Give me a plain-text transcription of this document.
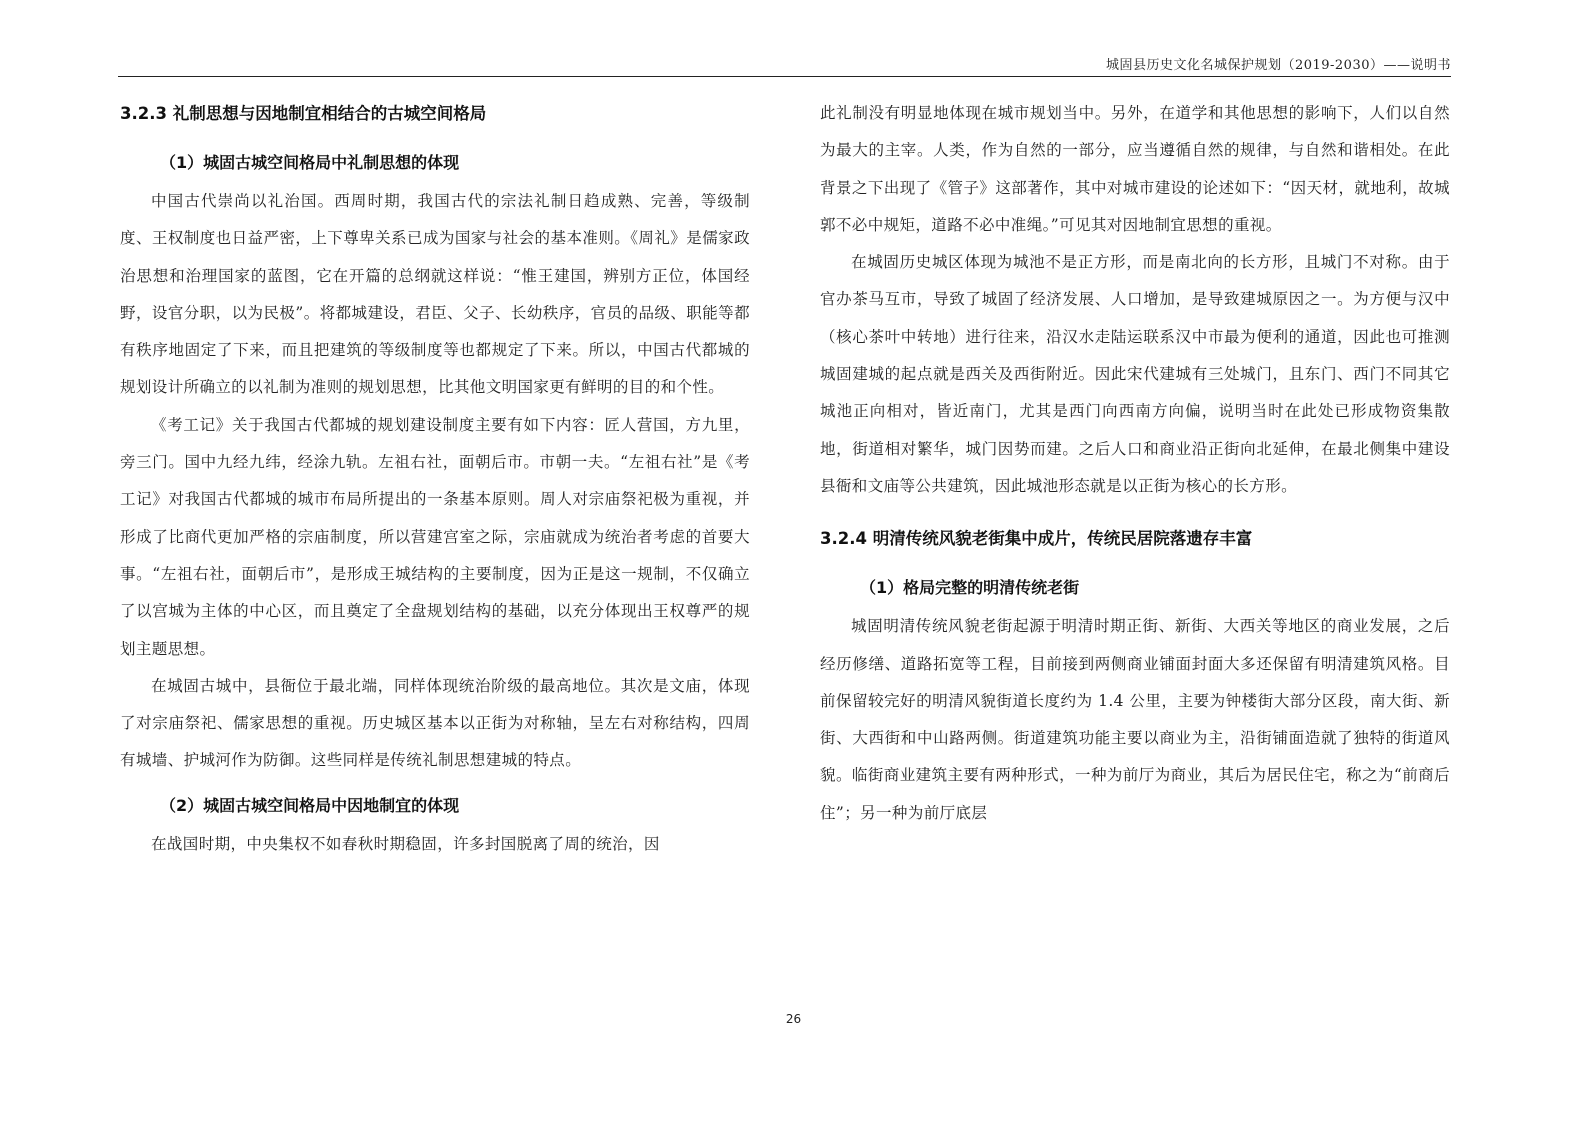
城固县历史文化名城保护规划（2019-2030）——说明书
3.2.3 礼制思想与因地制宜相结合的古城空间格局
（1）城固古城空间格局中礼制思想的体现

中国古代崇尚以礼治国。西周时期，我国古代的宗法礼制日趋成熟、完善，等级制度、王权制度也日益严密，上下尊卑关系已成为国家与社会的基本准则。《周礼》是儒家政治思想和治理国家的蓝图，它在开篇的总纲就这样说：“惟王建国，辨别方正位，体国经野，设官分职，以为民极”。将都城建设，君臣、父子、长幼秩序，官员的品级、职能等都有秩序地固定了下来，而且把建筑的等级制度等也都规定了下来。所以，中国古代都城的规划设计所确立的以礼制为准则的规划思想，比其他文明国家更有鲜明的目的和个性。

《考工记》关于我国古代都城的规划建设制度主要有如下内容：匠人营国，方九里，旁三门。国中九经九纬，经涂九轨。左祖右社，面朝后市。市朝一夫。“左祖右社”是《考工记》对我国古代都城的城市布局所提出的一条基本原则。周人对宗庙祭祀极为重视，并形成了比商代更加严格的宗庙制度，所以营建宫室之际，宗庙就成为统治者考虑的首要大事。“左祖右社，面朝后市”，是形成王城结构的主要制度，因为正是这一规制，不仅确立了以宫城为主体的中心区，而且奠定了全盘规划结构的基础，以充分体现出王权尊严的规划主题思想。

在城固古城中，县衙位于最北端，同样体现统治阶级的最高地位。其次是文庙，体现了对宗庙祭祀、儒家思想的重视。历史城区基本以正街为对称轴，呈左右对称结构，四周有城墙、护城河作为防御。这些同样是传统礼制思想建城的特点。

（2）城固古城空间格局中因地制宜的体现

在战国时期，中央集权不如春秋时期稳固，许多封国脱离了周的统治，因

此礼制没有明显地体现在城市规划当中。另外，在道学和其他思想的影响下，人们以自然为最大的主宰。人类，作为自然的一部分，应当遵循自然的规律，与自然和谐相处。在此背景之下出现了《管子》这部著作，其中对城市建设的论述如下：“因天材，就地利，故城郭不必中规矩，道路不必中准绳。”可见其对因地制宜思想的重视。

在城固历史城区体现为城池不是正方形，而是南北向的长方形，且城门不对称。由于官办茶马互市，导致了城固了经济发展、人口增加，是导致建城原因之一。为方便与汉中（核心茶叶中转地）进行往来，沿汉水走陆运联系汉中市最为便利的通道，因此也可推测城固建城的起点就是西关及西街附近。因此宋代建城有三处城门，且东门、西门不同其它城池正向相对，皆近南门，尤其是西门向西南方向偏，说明当时在此处已形成物资集散地，街道相对繁华，城门因势而建。之后人口和商业沿正街向北延伸，在最北侧集中建设县衙和文庙等公共建筑，因此城池形态就是以正街为核心的长方形。

3.2.4 明清传统风貌老街集中成片，传统民居院落遗存丰富
（1）格局完整的明清传统老街

城固明清传统风貌老街起源于明清时期正街、新街、大西关等地区的商业发展，之后经历修缮、道路拓宽等工程，目前接到两侧商业铺面封面大多还保留有明清建筑风格。目前保留较完好的明清风貌街道长度约为 1.4 公里，主要为钟楼街大部分区段，南大街、新街、大西街和中山路两侧。街道建筑功能主要以商业为主，沿街铺面造就了独特的街道风貌。临街商业建筑主要有两种形式，一种为前厅为商业，其后为居民住宅，称之为“前商后住”；另一种为前厅底层

26
